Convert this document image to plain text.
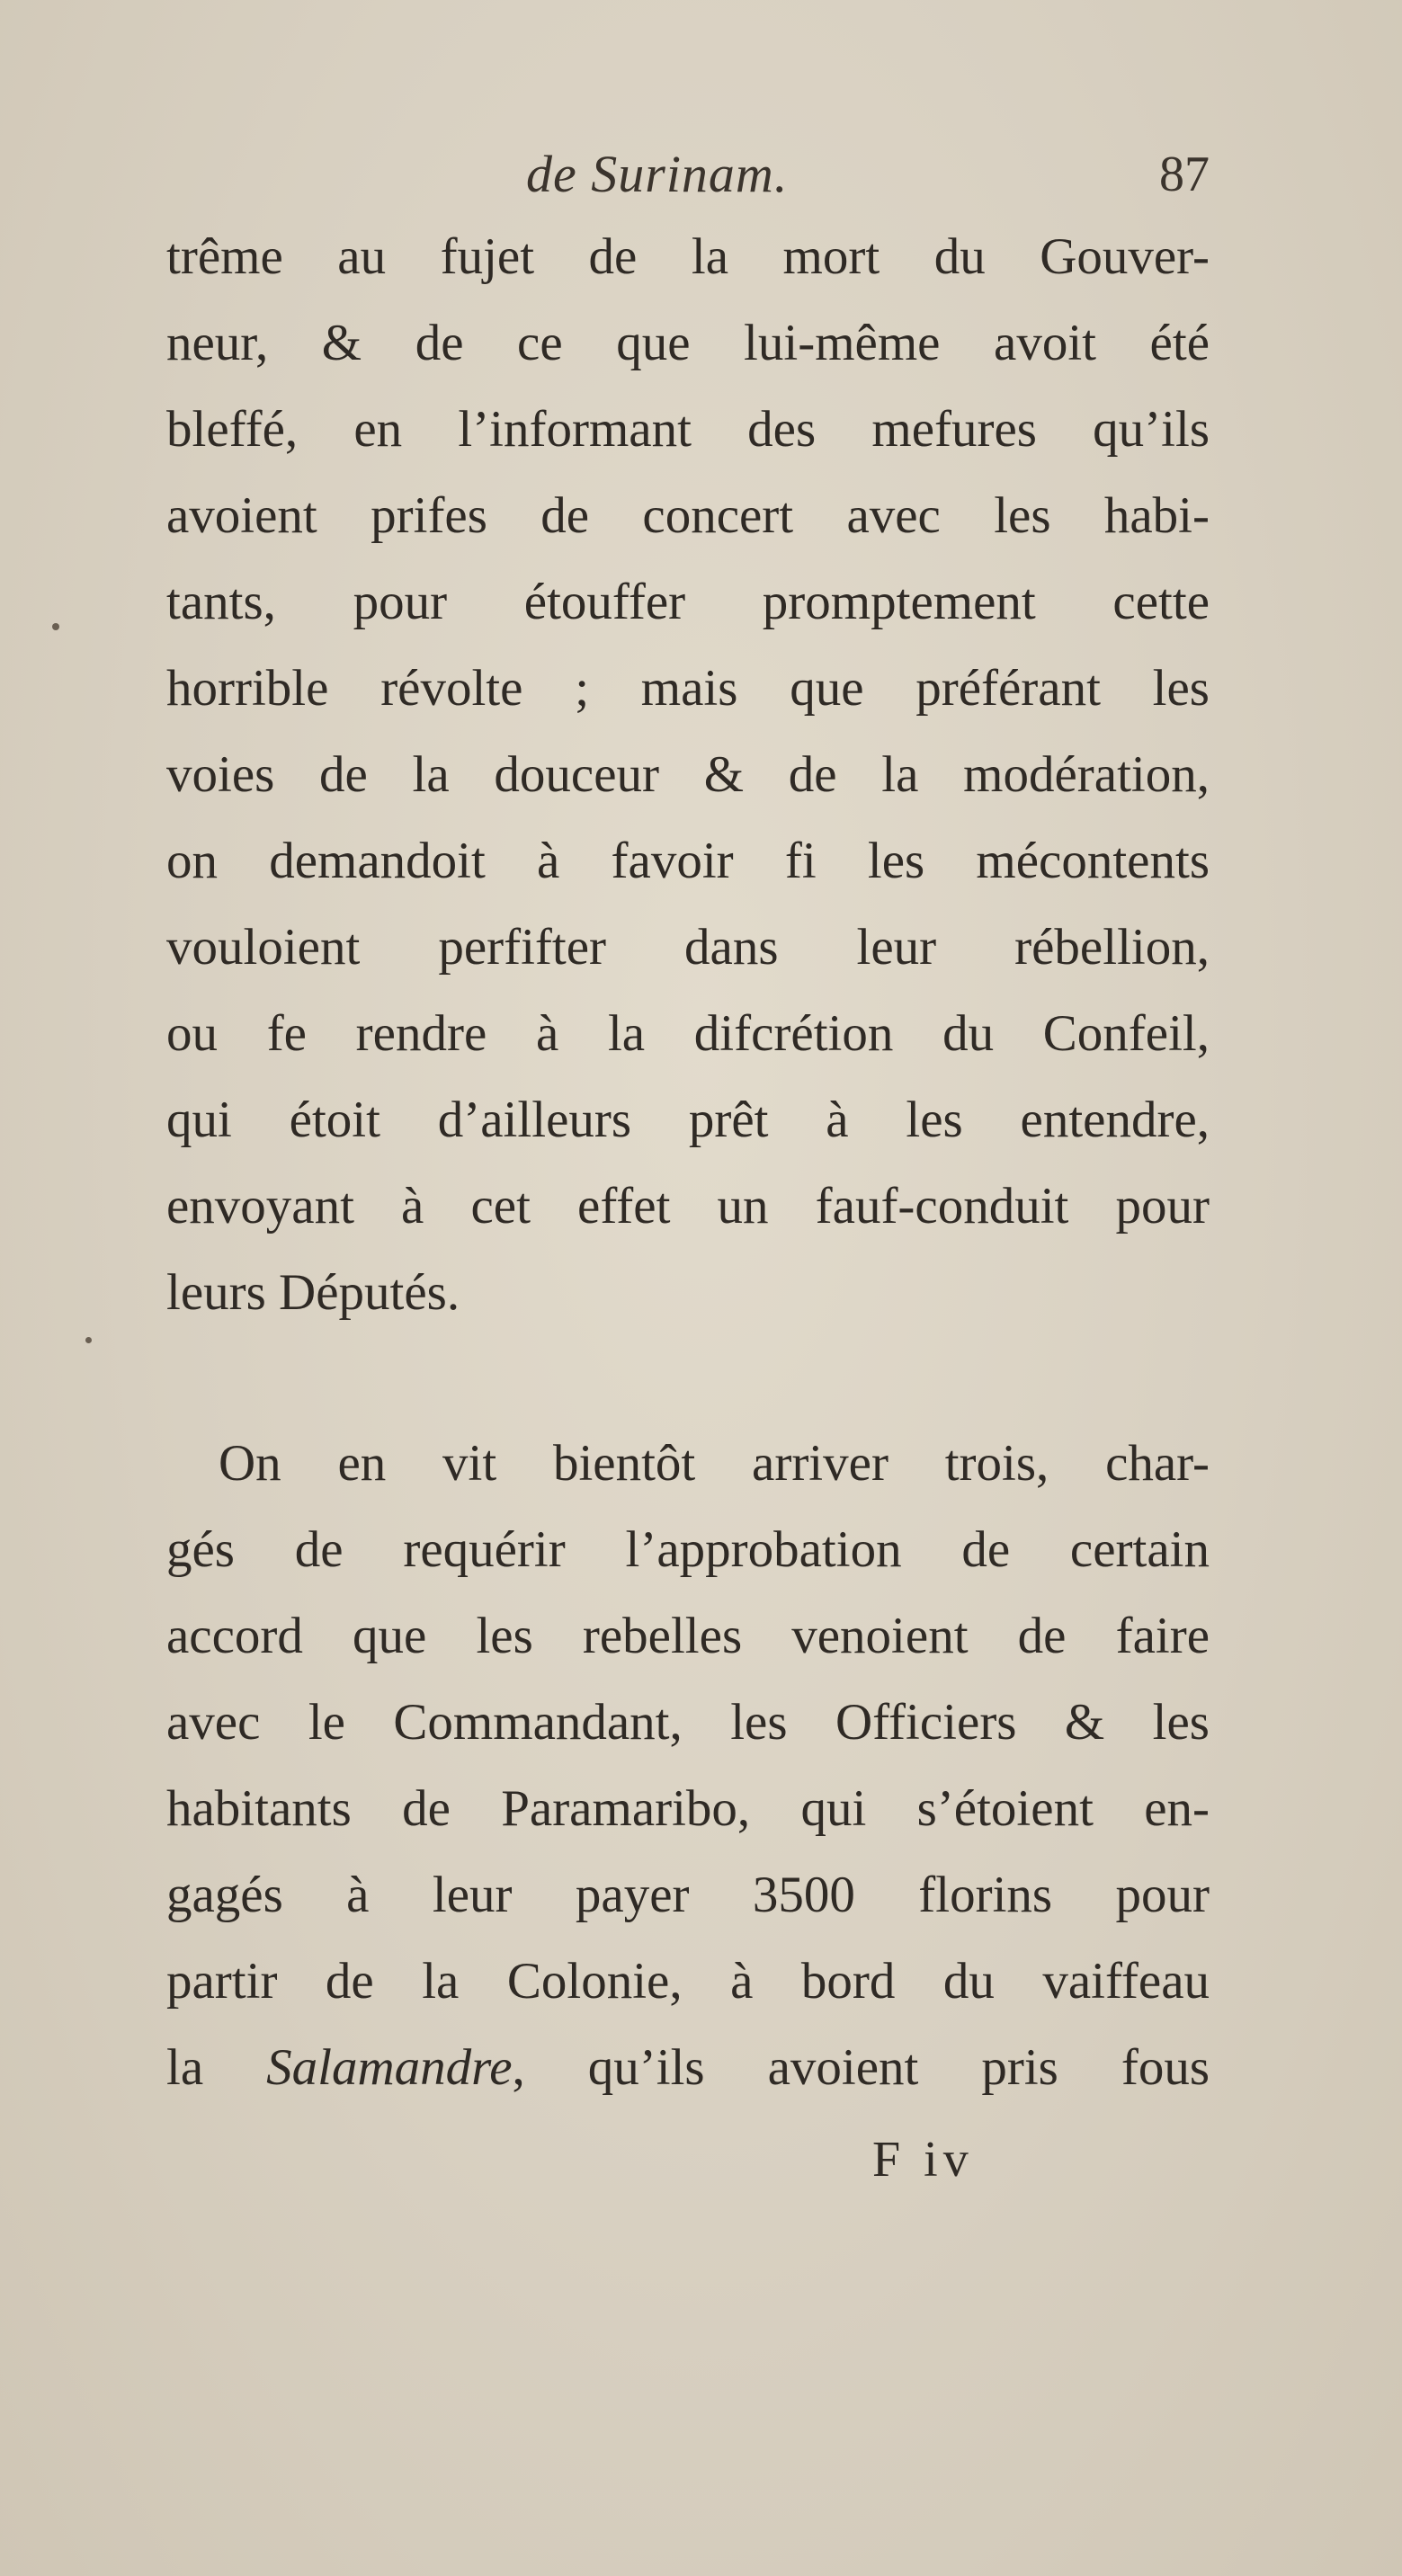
de Surinam.	87
trême au fujet de la mort du Gouver-
neur, & de ce que lui-même avoit été
bleffé, en l’informant des mefures qu’ils
avoient prifes de concert avec les habi-
tants, pour étouffer promptement cette
horrible révolte ; mais que préférant les
voies de la douceur & de la modération,
on demandoit à favoir fi les mécontents
vouloient perfifter dans leur rébellion,
ou fe rendre à la difcrétion du Confeil,
qui étoit d’ailleurs prêt à les entendre,
envoyant à cet effet un fauf-conduit pour
leurs Députés.
On en vit bientôt arriver trois, char-
gés de requérir l’approbation de certain
accord que les rebelles venoient de faire
avec le Commandant, les Officiers & les
habitants de Paramaribo, qui s’étoient en-
gagés à leur payer 3500 florins pour
partir de la Colonie, à bord du vaiffeau
la Salamandre, qu’ils avoient pris fous
F iv
